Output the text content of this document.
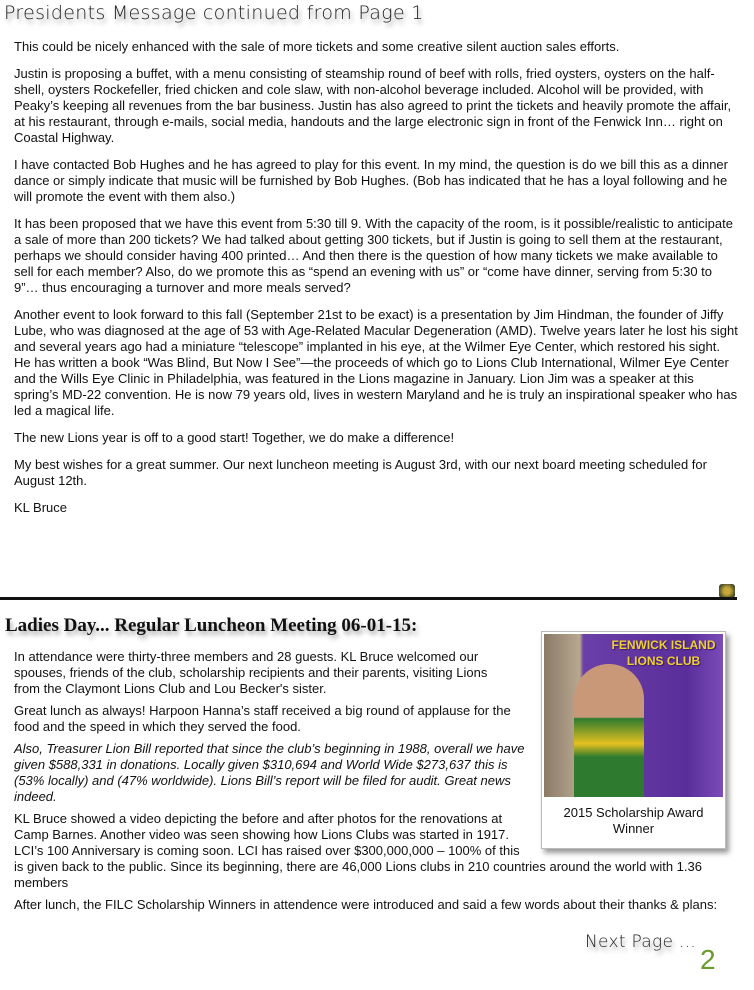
Presidents Message continued from Page 1

This could be nicely enhanced with the sale of more tickets and some creative silent auction sales efforts.

Justin is proposing a buffet, with a menu consisting of steamship round of beef with rolls, fried oysters, oysters on the half-shell, oysters Rockefeller, fried chicken and cole slaw, with non-alcohol beverage included. Alcohol will be provided, with Peaky’s keeping all revenues from the bar business. Justin has also agreed to print the tickets and heavily promote the affair, at his restaurant, through e-mails, social media, handouts and the large electronic sign in front of the Fenwick Inn… right on Coastal Highway.

I have contacted Bob Hughes and he has agreed to play for this event. In my mind, the question is do we bill this as a dinner dance or simply indicate that music will be furnished by Bob Hughes. (Bob has indicated that he has a loyal following and he will promote the event with them also.)

It has been proposed that we have this event from 5:30 till 9. With the capacity of the room, is it possible/realistic to anticipate a sale of more than 200 tickets? We had talked about getting 300 tickets, but if Justin is going to sell them at the restaurant, perhaps we should consider having 400 printed… And then there is the question of how many tickets we make available to sell for each member? Also, do we promote this as “spend an evening with us” or “come have dinner, serving from 5:30 to 9”… thus encouraging a turnover and more meals served?

Another event to look forward to this fall (September 21st to be exact) is a presentation by Jim Hindman, the founder of Jiffy Lube, who was diagnosed at the age of 53 with Age-Related Macular Degeneration (AMD). Twelve years later he lost his sight and several years ago had a miniature “telescope” implanted in his eye, at the Wilmer Eye Center, which restored his sight. He has written a book “Was Blind, But Now I See”—the proceeds of which go to Lions Club International, Wilmer Eye Center and the Wills Eye Clinic in Philadelphia, was featured in the Lions magazine in January. Lion Jim was a speaker at this spring’s MD-22 convention. He is now 79 years old, lives in western Maryland and he is truly an inspirational speaker who has led a magical life.

The new Lions year is off to a good start! Together, we do make a difference!

My best wishes for a great summer. Our next luncheon meeting is August 3rd, with our next board meeting scheduled for August 12th.

KL Bruce

Ladies Day... Regular Luncheon Meeting 06-01-15:
FENWICK ISLAND LIONS CLUB
2015 Scholarship Award Winner

In attendance were thirty-three members and 28 guests. KL Bruce welcomed our spouses, friends of the club, scholarship recipients and their parents, visiting Lions from the Claymont Lions Club and Lou Becker's sister.

Great lunch as always! Harpoon Hanna’s staff received a big round of applause for the food and the speed in which they served the food.

Also, Treasurer Lion Bill reported that since the club’s beginning in 1988, overall we have given $588,331 in donations. Locally given $310,694 and World Wide $273,637 this is (53% locally) and (47% worldwide). Lions Bill’s report will be filed for audit. Great news indeed.

KL Bruce showed a video depicting the before and after photos for the renovations at Camp Barnes. Another video was seen showing how Lions Clubs was started in 1917. LCI’s 100 Anniversary is coming soon. LCI has raised over $300,000,000 – 100% of this is given back to the public. Since its beginning, there are 46,000 Lions clubs in 210 countries around the world with 1.36 members

After lunch, the FILC Scholarship Winners in attendence were introduced and said a few words about their thanks & plans:

Next Page ...
2
